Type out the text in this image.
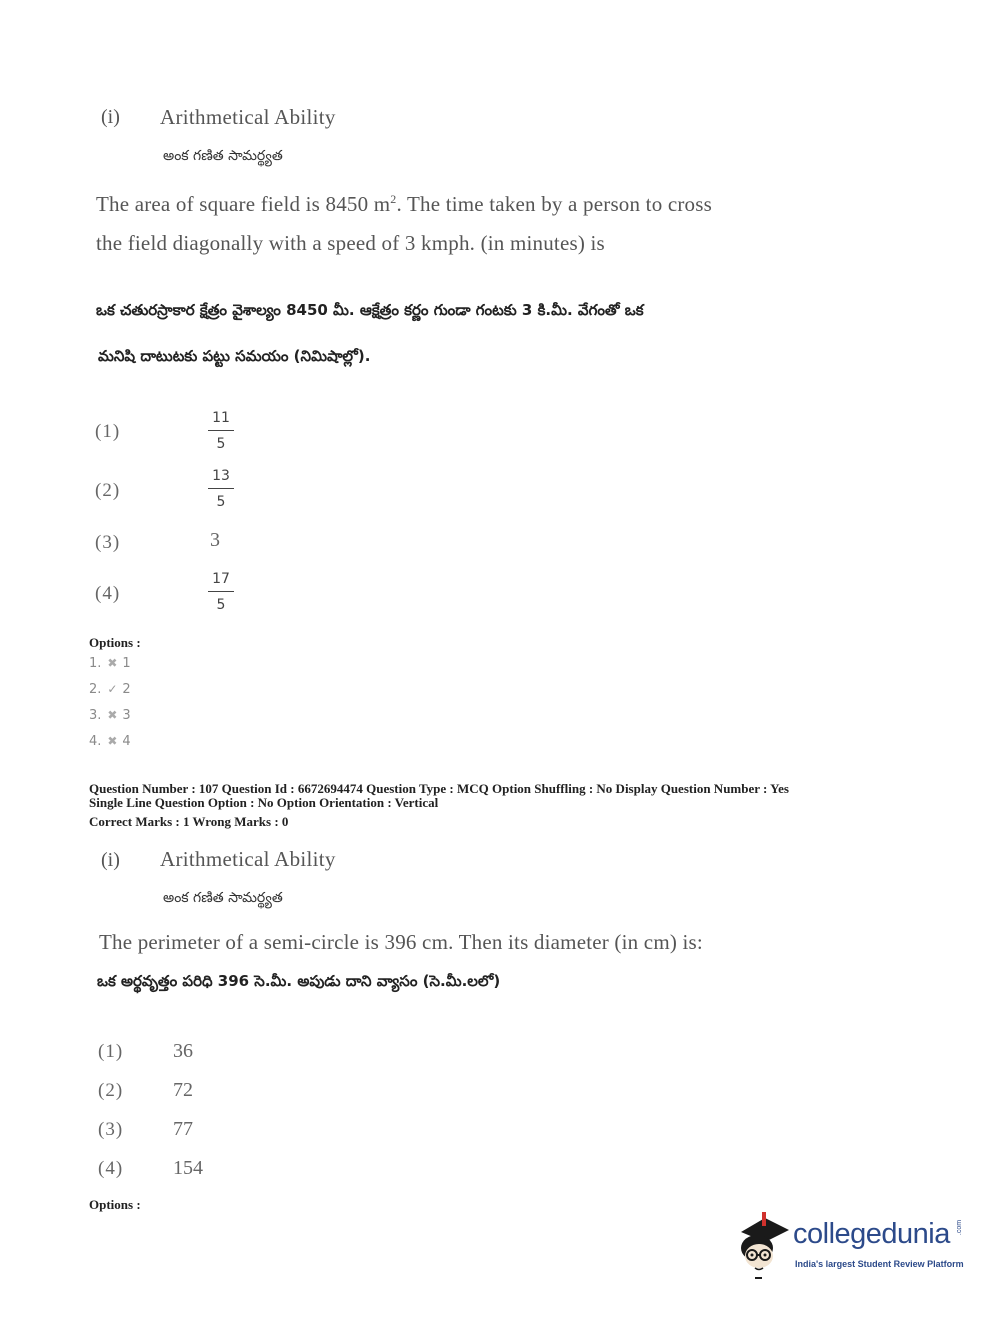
(i) Arithmetical Ability
అంక గణిత సామర్థ్యత
The area of square field is 8450 $m^2$. The time taken by a person to cross
the field diagonally with a speed of 3 kmph. (in minutes) is
ఒక చతురస్రాకార క్షేత్రం వైశాల్యం 8450 మీ. ఆక్షేత్రం కర్ణం గుండా గంటకు 3 కి.మీ. వేగంతో ఒక
మనిషి దాటుటకు పట్టు సమయం (నిమిషాల్లో).
(1)	$\frac{11}{5}$
(2)	$\frac{13}{5}$
(3)	3
(4)	$\frac{17}{5}$
Options :
1. ✖ 1
2. ✓ 2
3. ✖ 3
4. ✖ 4
Question Number : 107 Question Id : 6672694474 Question Type : MCQ Option Shuffling : No Display Question Number : Yes
Single Line Question Option : No Option Orientation : Vertical
Correct Marks : 1 Wrong Marks : 0
(i) Arithmetical Ability
అంక గణిత సామర్థ్యత
The perimeter of a semi-circle is 396 cm. Then its diameter (in cm) is:
ఒక అర్థవృత్తం పరిధి 396 సె.మీ. అపుడు దాని వ్యాసం (సె.మీ.లలో)
(1) 36
(2) 72
(3) 77
(4) 154
Options :
collegedunia .com
India's largest Student Review Platform
